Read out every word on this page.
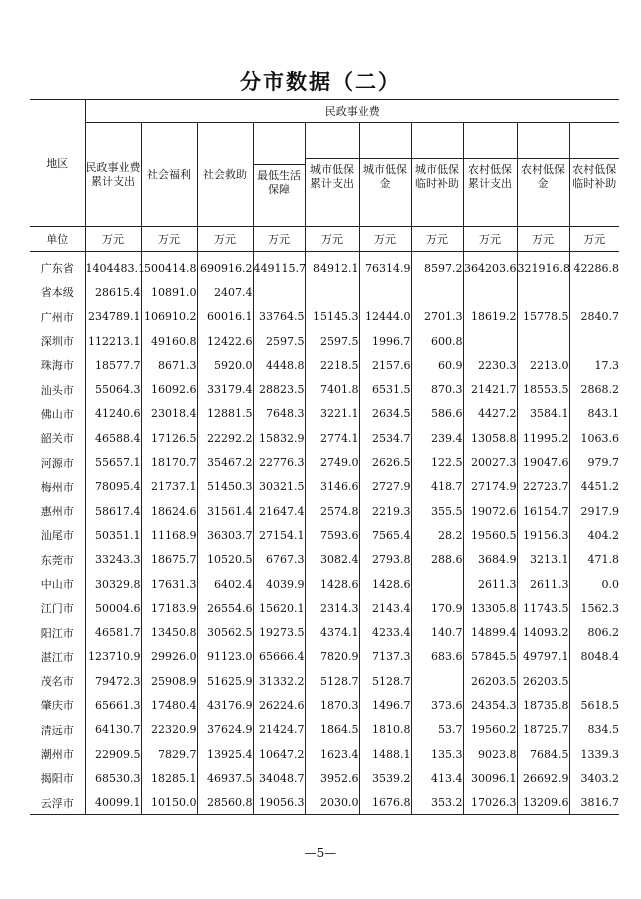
分市数据（二）
地区	民政事业费									
	民政事业费累计支出	社会福利	社会救助	最低生活保障	城市低保累计支出	城市低保金	城市低保临时补助	农村低保累计支出	农村低保金	农村低保临时补助

单位	万元	万元	万元	万元	万元	万元	万元	万元	万元	万元
广东省	1404483.1	500414.8	690916.2	449115.7	84912.1	76314.9	8597.2	364203.6	321916.8	42286.8
省本级	28615.4	10891.0	2407.4							
广州市	234789.1	106910.2	60016.1	33764.5	15145.3	12444.0	2701.3	18619.2	15778.5	2840.7
深圳市	112213.1	49160.8	12422.6	2597.5	2597.5	1996.7	600.8			
珠海市	18577.7	8671.3	5920.0	4448.8	2218.5	2157.6	60.9	2230.3	2213.0	17.3
汕头市	55064.3	16092.6	33179.4	28823.5	7401.8	6531.5	870.3	21421.7	18553.5	2868.2
佛山市	41240.6	23018.4	12881.5	7648.3	3221.1	2634.5	586.6	4427.2	3584.1	843.1
韶关市	46588.4	17126.5	22292.2	15832.9	2774.1	2534.7	239.4	13058.8	11995.2	1063.6
河源市	55657.1	18170.7	35467.2	22776.3	2749.0	2626.5	122.5	20027.3	19047.6	979.7
梅州市	78095.4	21737.1	51450.3	30321.5	3146.6	2727.9	418.7	27174.9	22723.7	4451.2
惠州市	58617.4	18624.6	31561.4	21647.4	2574.8	2219.3	355.5	19072.6	16154.7	2917.9
汕尾市	50351.1	11168.9	36303.7	27154.1	7593.6	7565.4	28.2	19560.5	19156.3	404.2
东莞市	33243.3	18675.7	10520.5	6767.3	3082.4	2793.8	288.6	3684.9	3213.1	471.8
中山市	30329.8	17631.3	6402.4	4039.9	1428.6	1428.6		2611.3	2611.3	0.0
江门市	50004.6	17183.9	26554.6	15620.1	2314.3	2143.4	170.9	13305.8	11743.5	1562.3
阳江市	46581.7	13450.8	30562.5	19273.5	4374.1	4233.4	140.7	14899.4	14093.2	806.2
湛江市	123710.9	29926.0	91123.0	65666.4	7820.9	7137.3	683.6	57845.5	49797.1	8048.4
茂名市	79472.3	25908.9	51625.9	31332.2	5128.7	5128.7		26203.5	26203.5	
肇庆市	65661.3	17480.4	43176.9	26224.6	1870.3	1496.7	373.6	24354.3	18735.8	5618.5
清远市	64130.7	22320.9	37624.9	21424.7	1864.5	1810.8	53.7	19560.2	18725.7	834.5
潮州市	22909.5	7829.7	13925.4	10647.2	1623.4	1488.1	135.3	9023.8	7684.5	1339.3
揭阳市	68530.3	18285.1	46937.5	34048.7	3952.6	3539.2	413.4	30096.1	26692.9	3403.2
云浮市	40099.1	10150.0	28560.8	19056.3	2030.0	1676.8	353.2	17026.3	13209.6	3816.7
—5—
